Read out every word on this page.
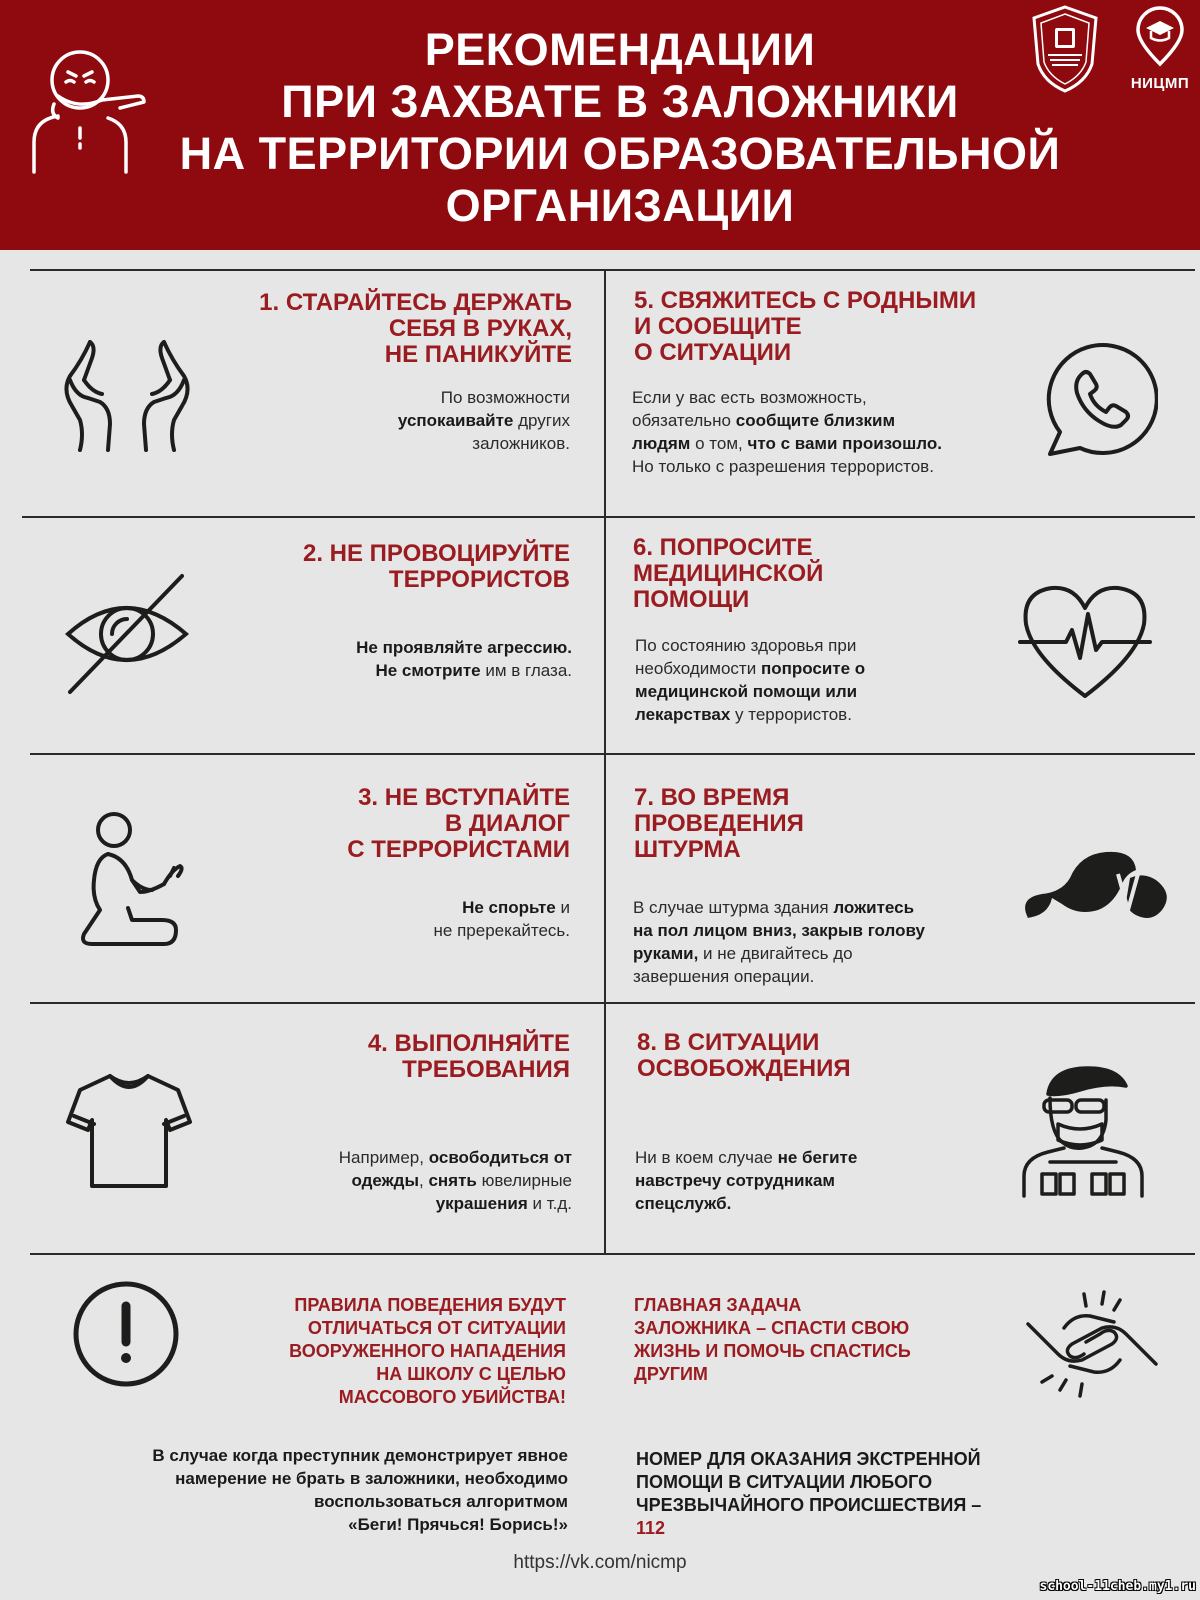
РЕКОМЕНДАЦИИ
ПРИ ЗАХВАТЕ В ЗАЛОЖНИКИ
НА ТЕРРИТОРИИ ОБРАЗОВАТЕЛЬНОЙ
ОРГАНИЗАЦИИ
НИЦМП
1. СТАРАЙТЕСЬ ДЕРЖАТЬ
СЕБЯ В РУКАХ,
НЕ ПАНИКУЙТЕ
По возможности
успокаивайте других
заложников.
2. НЕ ПРОВОЦИРУЙТЕ
ТЕРРОРИСТОВ
Не проявляйте агрессию.
Не смотрите им в глаза.
3. НЕ ВСТУПАЙТЕ
В ДИАЛОГ
С ТЕРРОРИСТАМИ
Не спорьте и
не пререкайтесь.
4. ВЫПОЛНЯЙТЕ
ТРЕБОВАНИЯ
Например, освободиться от
одежды, снять ювелирные
украшения и т.д.
5. СВЯЖИТЕСЬ С РОДНЫМИ
И СООБЩИТЕ
О СИТУАЦИИ
Если у вас есть возможность,
обязательно сообщите близким
людям о том, что с вами произошло.
Но только с разрешения террористов.
6. ПОПРОСИТЕ
МЕДИЦИНСКОЙ
ПОМОЩИ
По состоянию здоровья при
необходимости попросите о
медицинской помощи или
лекарствах у террористов.
7. ВО ВРЕМЯ
ПРОВЕДЕНИЯ
ШТУРМА
В случае штурма здания ложитесь
на пол лицом вниз, закрыв голову
руками, и не двигайтесь до
завершения операции.
8. В СИТУАЦИИ
ОСВОБОЖДЕНИЯ
Ни в коем случае не бегите
навстречу сотрудникам
спецслужб.
ПРАВИЛА ПОВЕДЕНИЯ БУДУТ
ОТЛИЧАТЬСЯ ОТ СИТУАЦИИ
ВООРУЖЕННОГО НАПАДЕНИЯ
НА ШКОЛУ С ЦЕЛЬЮ
МАССОВОГО УБИЙСТВА!
ГЛАВНАЯ ЗАДАЧА
ЗАЛОЖНИКА – СПАСТИ СВОЮ
ЖИЗНЬ И ПОМОЧЬ СПАСТИСЬ
ДРУГИМ
В случае когда преступник демонстрирует явное
намерение не брать в заложники, необходимо
воспользоваться алгоритмом
«Беги! Прячься! Борись!»
НОМЕР ДЛЯ ОКАЗАНИЯ ЭКСТРЕННОЙ
ПОМОЩИ В СИТУАЦИИ ЛЮБОГО
ЧРЕЗВЫЧАЙНОГО ПРОИСШЕСТВИЯ –
112
https://vk.com/nicmp
school-11cheb.my1.ru
